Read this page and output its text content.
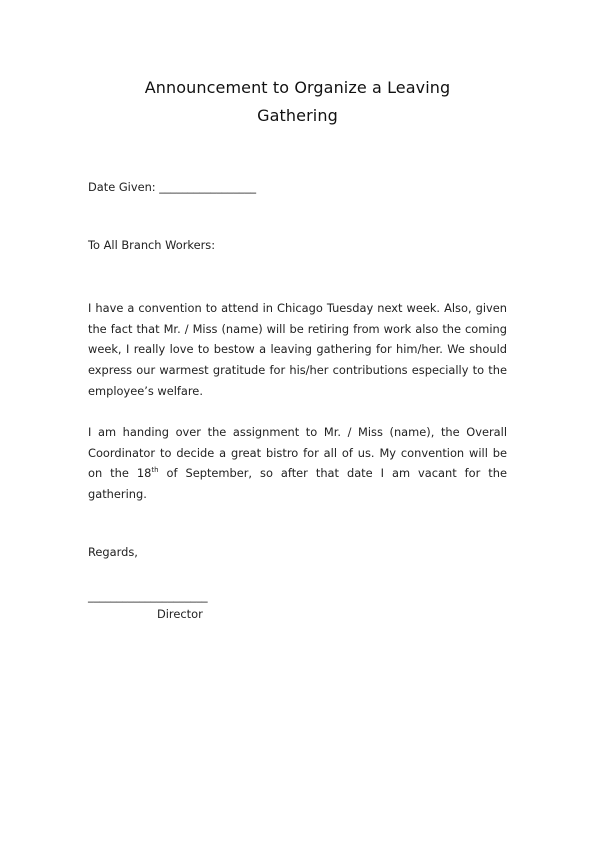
Announcement to Organize a Leaving
Gathering
Date Given: _________________
To All Branch Workers:
I have a convention to attend in Chicago Tuesday next week. Also, given the fact that Mr. / Miss (name) will be retiring from work also the coming week, I really love to bestow a leaving gathering for him/her. We should express our warmest gratitude for his/her contributions especially to the employee’s welfare.
I am handing over the assignment to Mr. / Miss (name), the Overall Coordinator to decide a great bistro for all of us. My convention will be on the 18th of September, so after that date I am vacant for the gathering.
Regards,
_____________________
Director
